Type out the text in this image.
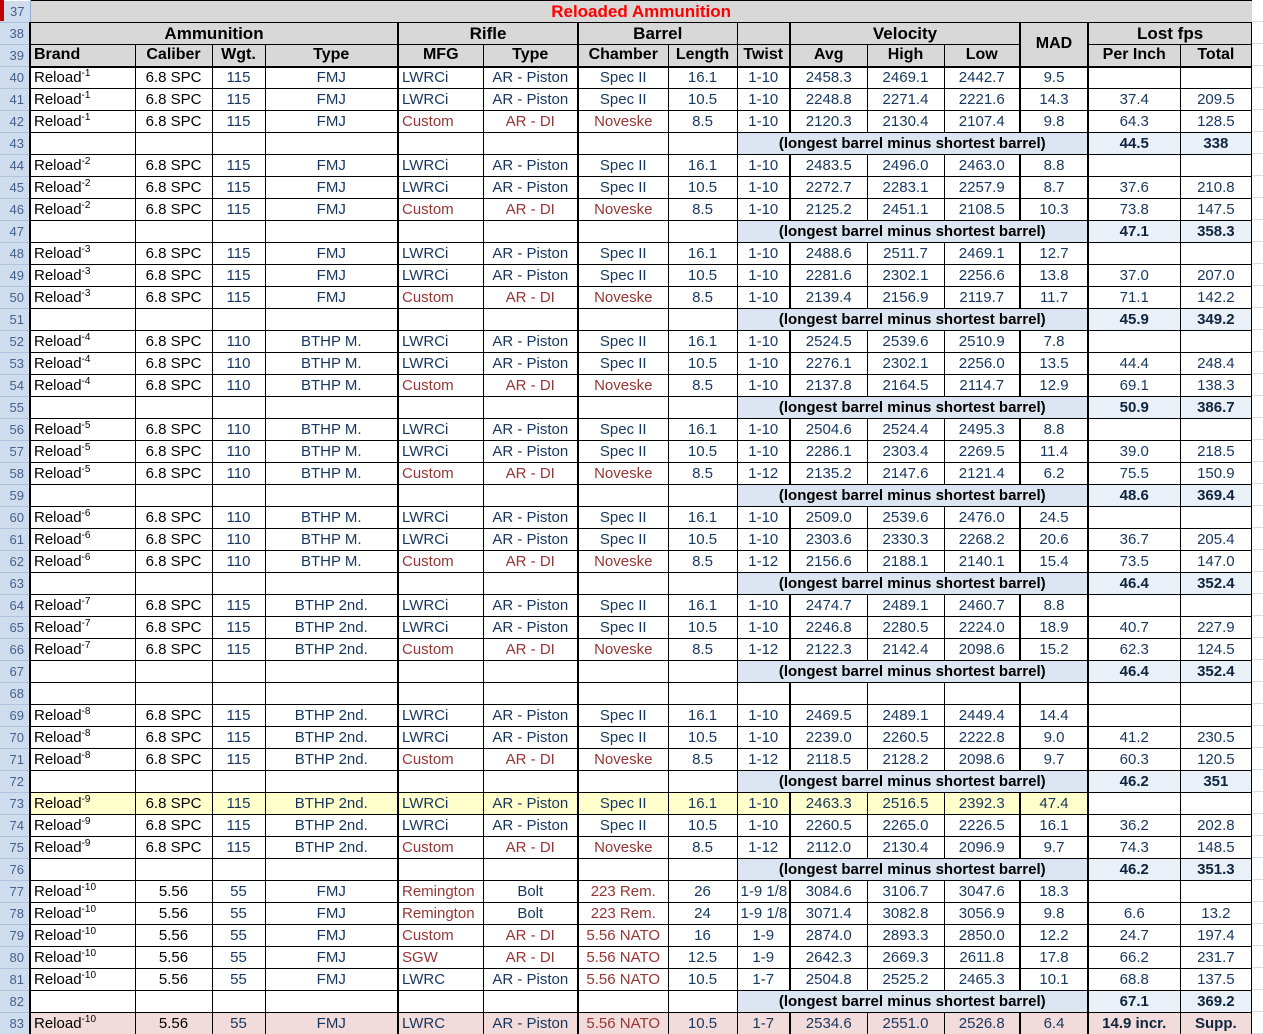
37	Reloaded Ammunition														
38	Ammunition				Rifle		Barrel			Velocity			MAD	Lost fps	
39	Brand	Caliber	Wgt.	Type	MFG	Type	Chamber	Length	Twist	Avg	High	Low		Per Inch	Total
40	Reload$^{-1}$	6.8 SPC	115	FMJ	LWRCi	AR - Piston	Spec II	16.1	1-10	2458.3	2469.1	2442.7	9.5		
41	Reload$^{-1}$	6.8 SPC	115	FMJ	LWRCi	AR - Piston	Spec II	10.5	1-10	2248.8	2271.4	2221.6	14.3	37.4	209.5
42	Reload$^{-1}$	6.8 SPC	115	FMJ	Custom	AR - DI	Noveske	8.5	1-10	2120.3	2130.4	2107.4	9.8	64.3	128.5
43									(longest barrel minus shortest barrel)					44.5	338
44	Reload$^{-2}$	6.8 SPC	115	FMJ	LWRCi	AR - Piston	Spec II	16.1	1-10	2483.5	2496.0	2463.0	8.8		
45	Reload$^{-2}$	6.8 SPC	115	FMJ	LWRCi	AR - Piston	Spec II	10.5	1-10	2272.7	2283.1	2257.9	8.7	37.6	210.8
46	Reload$^{-2}$	6.8 SPC	115	FMJ	Custom	AR - DI	Noveske	8.5	1-10	2125.2	2451.1	2108.5	10.3	73.8	147.5
47									(longest barrel minus shortest barrel)					47.1	358.3
48	Reload$^{-3}$	6.8 SPC	115	FMJ	LWRCi	AR - Piston	Spec II	16.1	1-10	2488.6	2511.7	2469.1	12.7		
49	Reload$^{-3}$	6.8 SPC	115	FMJ	LWRCi	AR - Piston	Spec II	10.5	1-10	2281.6	2302.1	2256.6	13.8	37.0	207.0
50	Reload$^{-3}$	6.8 SPC	115	FMJ	Custom	AR - DI	Noveske	8.5	1-10	2139.4	2156.9	2119.7	11.7	71.1	142.2
51									(longest barrel minus shortest barrel)					45.9	349.2
52	Reload$^{-4}$	6.8 SPC	110	BTHP M.	LWRCi	AR - Piston	Spec II	16.1	1-10	2524.5	2539.6	2510.9	7.8		
53	Reload$^{-4}$	6.8 SPC	110	BTHP M.	LWRCi	AR - Piston	Spec II	10.5	1-10	2276.1	2302.1	2256.0	13.5	44.4	248.4
54	Reload$^{-4}$	6.8 SPC	110	BTHP M.	Custom	AR - DI	Noveske	8.5	1-10	2137.8	2164.5	2114.7	12.9	69.1	138.3
55									(longest barrel minus shortest barrel)					50.9	386.7
56	Reload$^{-5}$	6.8 SPC	110	BTHP M.	LWRCi	AR - Piston	Spec II	16.1	1-10	2504.6	2524.4	2495.3	8.8		
57	Reload$^{-5}$	6.8 SPC	110	BTHP M.	LWRCi	AR - Piston	Spec II	10.5	1-10	2286.1	2303.4	2269.5	11.4	39.0	218.5
58	Reload$^{-5}$	6.8 SPC	110	BTHP M.	Custom	AR - DI	Noveske	8.5	1-12	2135.2	2147.6	2121.4	6.2	75.5	150.9
59									(longest barrel minus shortest barrel)					48.6	369.4
60	Reload$^{-6}$	6.8 SPC	110	BTHP M.	LWRCi	AR - Piston	Spec II	16.1	1-10	2509.0	2539.6	2476.0	24.5		
61	Reload$^{-6}$	6.8 SPC	110	BTHP M.	LWRCi	AR - Piston	Spec II	10.5	1-10	2303.6	2330.3	2268.2	20.6	36.7	205.4
62	Reload$^{-6}$	6.8 SPC	110	BTHP M.	Custom	AR - DI	Noveske	8.5	1-12	2156.6	2188.1	2140.1	15.4	73.5	147.0
63									(longest barrel minus shortest barrel)					46.4	352.4
64	Reload$^{-7}$	6.8 SPC	115	BTHP 2nd.	LWRCi	AR - Piston	Spec II	16.1	1-10	2474.7	2489.1	2460.7	8.8		
65	Reload$^{-7}$	6.8 SPC	115	BTHP 2nd.	LWRCi	AR - Piston	Spec II	10.5	1-10	2246.8	2280.5	2224.0	18.9	40.7	227.9
66	Reload$^{-7}$	6.8 SPC	115	BTHP 2nd.	Custom	AR - DI	Noveske	8.5	1-12	2122.3	2142.4	2098.6	15.2	62.3	124.5
67									(longest barrel minus shortest barrel)					46.4	352.4
68															
69	Reload$^{-8}$	6.8 SPC	115	BTHP 2nd.	LWRCi	AR - Piston	Spec II	16.1	1-10	2469.5	2489.1	2449.4	14.4		
70	Reload$^{-8}$	6.8 SPC	115	BTHP 2nd.	LWRCi	AR - Piston	Spec II	10.5	1-10	2239.0	2260.5	2222.8	9.0	41.2	230.5
71	Reload$^{-8}$	6.8 SPC	115	BTHP 2nd.	Custom	AR - DI	Noveske	8.5	1-12	2118.5	2128.2	2098.6	9.7	60.3	120.5
72									(longest barrel minus shortest barrel)					46.2	351
73	Reload$^{-9}$	6.8 SPC	115	BTHP 2nd.	LWRCi	AR - Piston	Spec II	16.1	1-10	2463.3	2516.5	2392.3	47.4		
74	Reload$^{-9}$	6.8 SPC	115	BTHP 2nd.	LWRCi	AR - Piston	Spec II	10.5	1-10	2260.5	2265.0	2226.5	16.1	36.2	202.8
75	Reload$^{-9}$	6.8 SPC	115	BTHP 2nd.	Custom	AR - DI	Noveske	8.5	1-12	2112.0	2130.4	2096.9	9.7	74.3	148.5
76									(longest barrel minus shortest barrel)					46.2	351.3
77	Reload$^{-10}$	5.56	55	FMJ	Remington	Bolt	223 Rem.	26	1-9 1/8	3084.6	3106.7	3047.6	18.3		
78	Reload$^{-10}$	5.56	55	FMJ	Remington	Bolt	223 Rem.	24	1-9 1/8	3071.4	3082.8	3056.9	9.8	6.6	13.2
79	Reload$^{-10}$	5.56	55	FMJ	Custom	AR - DI	5.56 NATO	16	1-9	2874.0	2893.3	2850.0	12.2	24.7	197.4
80	Reload$^{-10}$	5.56	55	FMJ	SGW	AR - DI	5.56 NATO	12.5	1-9	2642.3	2669.3	2611.8	17.8	66.2	231.7
81	Reload$^{-10}$	5.56	55	FMJ	LWRC	AR - Piston	5.56 NATO	10.5	1-7	2504.8	2525.2	2465.3	10.1	68.8	137.5
82									(longest barrel minus shortest barrel)					67.1	369.2
83	Reload$^{-10}$	5.56	55	FMJ	LWRC	AR - Piston	5.56 NATO	10.5	1-7	2534.6	2551.0	2526.8	6.4	14.9 incr.	Supp.
